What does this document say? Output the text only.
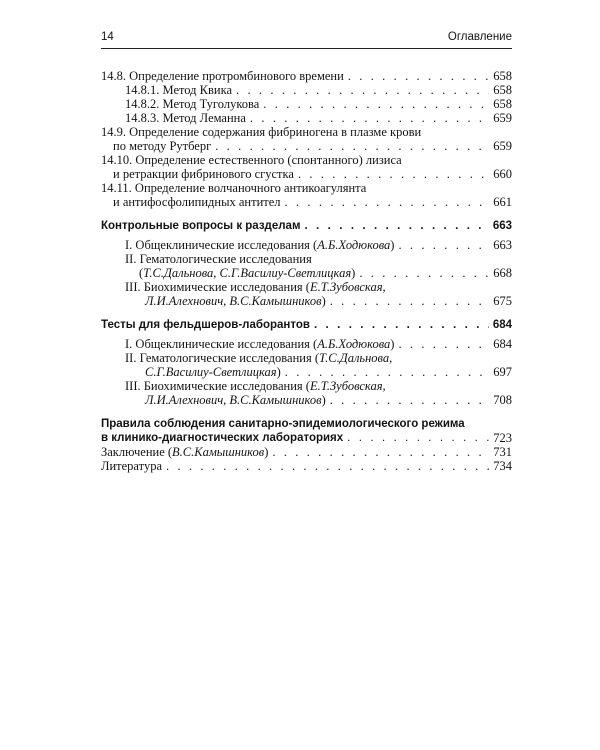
14	Оглавление
14.8. Определение протромбинового времени . . .	658
14.8.1. Метод Квика . . .	658
14.8.2. Метод Туголукова . . .	658
14.8.3. Метод Леманна . . .	659
14.9. Определение содержания фибриногена в плазме крови
по методу Рутберг . . .	659
14.10. Определение естественного (спонтанного) лизиса
и ретракции фибринового сгустка . . .	660
14.11. Определение волчаночного антикоагулянта
и антифосфолипидных антител . . .	661
Контрольные вопросы к разделам . . .	663
I. Общеклинические исследования (А.Б.Ходюкова) . . .	663
II. Гематологические исследования
(Т.С.Дальнова, С.Г.Василиу-Светлицкая) . . .	668
III. Биохимические исследования (Е.Т.Зубовская,
Л.И.Алехнович, В.С.Камышников) . . .	675
Тесты для фельдшеров-лаборантов . . .	684
I. Общеклинические исследования (А.Б.Ходюкова) . . .	684
II. Гематологические исследования (Т.С.Дальнова,
С.Г.Василиу-Светлицкая) . . .	697
III. Биохимические исследования (Е.Т.Зубовская,
Л.И.Алехнович, В.С.Камышников) . . .	708
Правила соблюдения санитарно-эпидемиологического режима
в клинико-диагностических лабораториях . . .	723
Заключение (В.С.Камышников) . . .	731
Литература . . .	734
